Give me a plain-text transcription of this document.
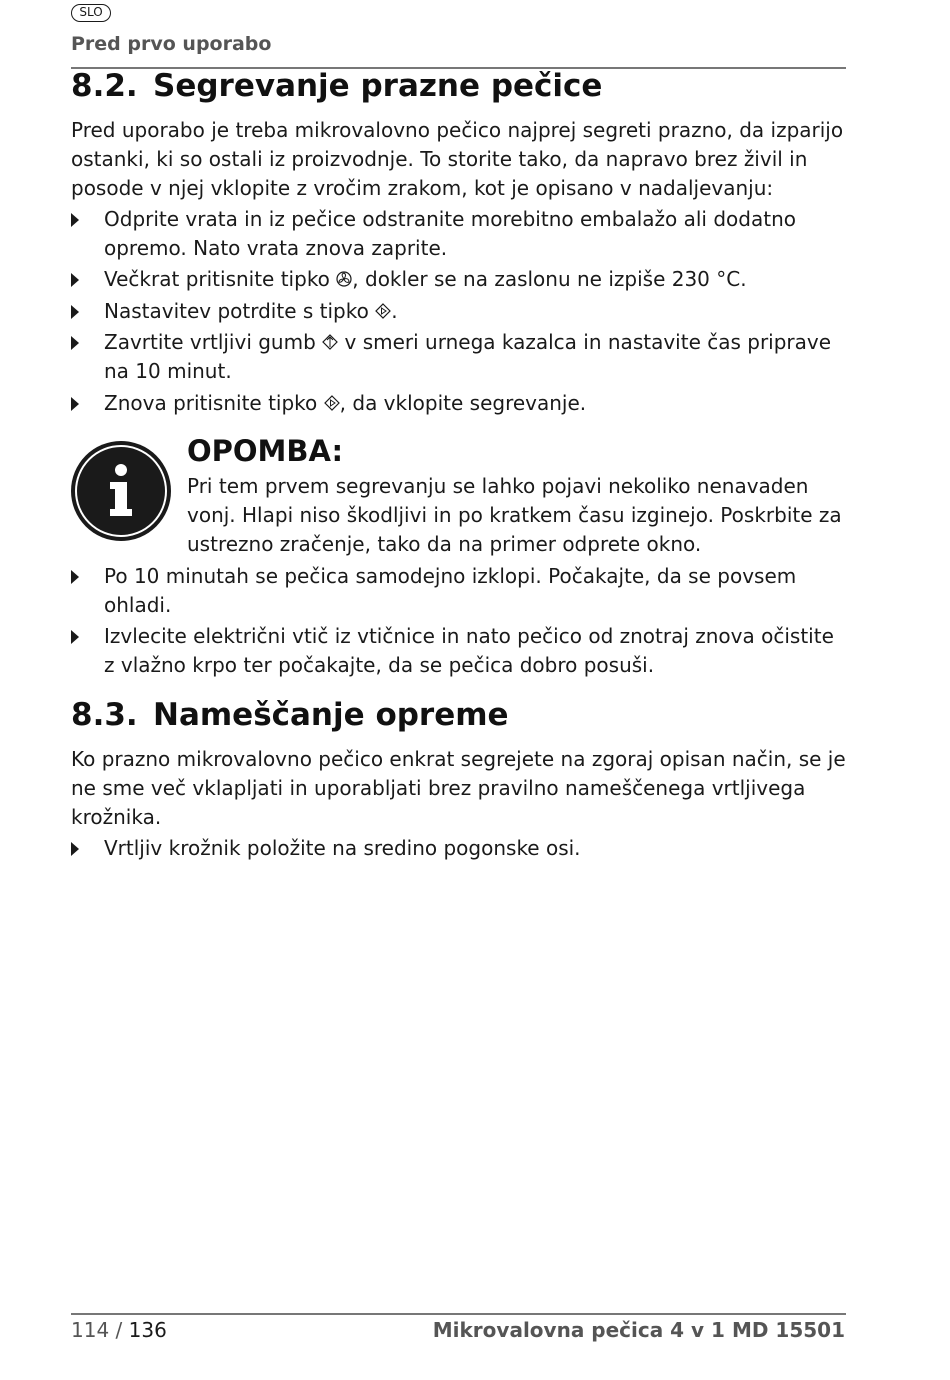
SLO
Pred prvo uporabo
8.2. Segrevanje prazne pečice

Pred uporabo je treba mikrovalovno pečico najprej segreti prazno, da izparijo ostanki, ki so ostali iz proizvodnje. To storite tako, da napravo brez živil in posode v njej vklopite z vročim zrakom, kot je opisano v nadaljevanju:

Odprite vrata in iz pečice odstranite morebitno embalažo ali dodatno opremo. Nato vrata znova zaprite.
Večkrat pritisnite tipko , dokler se na zaslonu ne izpiše 230 °C.
Nastavitev potrdite s tipko .
Zavrtite vrtljivi gumb  v smeri urnega kazalca in nastavite čas priprave na 10 minut.
Znova pritisnite tipko , da vklopite segrevanje.
OPOMBA:

Pri tem prvem segrevanju se lahko pojavi nekoliko nenavaden vonj. Hlapi niso škodljivi in po kratkem času izginejo. Poskrbite za ustrezno zračenje, tako da na primer odprete okno.

Po 10 minutah se pečica samodejno izklopi. Počakajte, da se povsem ohladi.
Izvlecite električni vtič iz vtičnice in nato pečico od znotraj znova očistite z vlažno krpo ter počakajte, da se pečica dobro posuši.
8.3. Nameščanje opreme

Ko prazno mikrovalovno pečico enkrat segrejete na zgoraj opisan način, se je ne sme več vklapljati in uporabljati brez pravilno nameščenega vrtljivega krožnika.

Vrtljiv krožnik položite na sredino pogonske osi.
114 / 136	Mikrovalovna pečica 4 v 1 MD 15501
